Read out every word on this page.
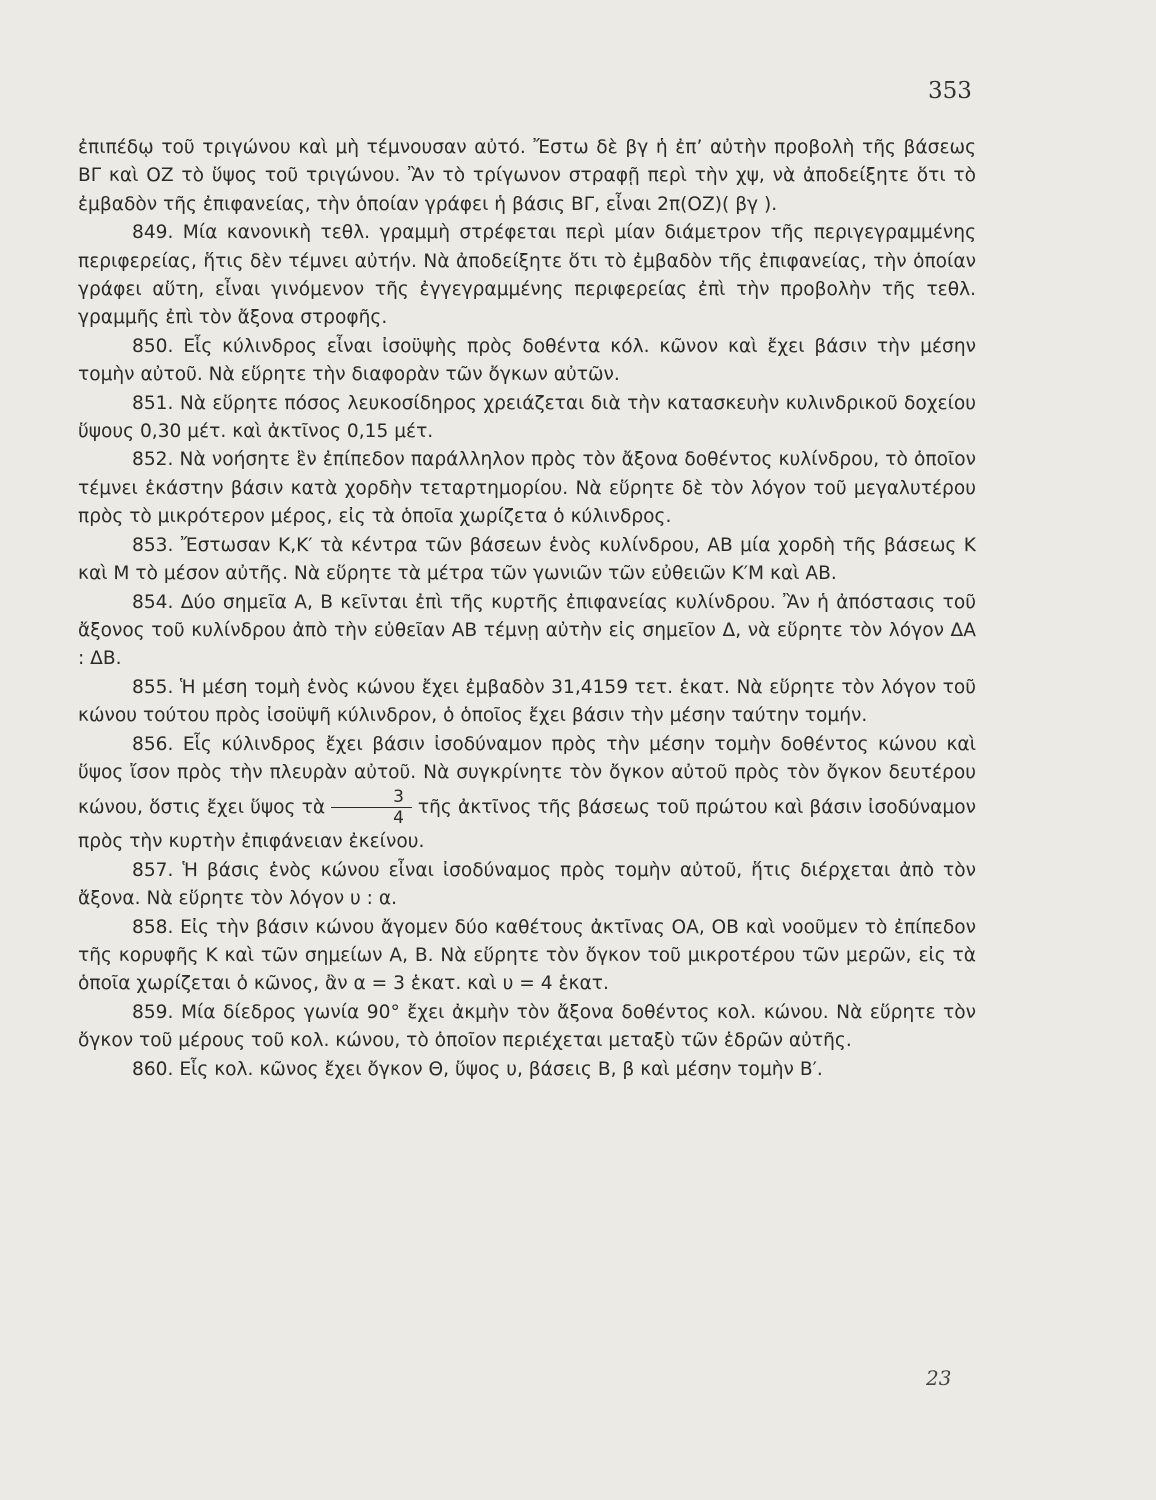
353

ἐπιπέδῳ τοῦ τριγώνου καὶ μὴ τέμνουσαν αὐτό. Ἔστω δὲ βγ ἡ ἐπ’ αὐτὴν προβολὴ τῆς βάσεως ΒΓ καὶ ΟΖ τὸ ὕψος τοῦ τριγώνου. Ἂν τὸ τρίγωνον στραφῇ περὶ τὴν χψ, νὰ ἀποδείξητε ὅτι τὸ ἐμβαδὸν τῆς ἐπιφανείας, τὴν ὁποίαν γράφει ἡ βάσις ΒΓ, εἶναι 2π(ΟΖ)( βγ ).

849. Μία κανονικὴ τεθλ. γραμμὴ στρέφεται περὶ μίαν διάμετρον τῆς περιγεγραμμένης περιφερείας, ἥτις δὲν τέμνει αὐτήν. Νὰ ἀποδείξητε ὅτι τὸ ἐμβαδὸν τῆς ἐπιφανείας, τὴν ὁποίαν γράφει αὕτη, εἶναι γινόμενον τῆς ἐγγεγραμμένης περιφερείας ἐπὶ τὴν προβολὴν τῆς τεθλ. γραμμῆς ἐπὶ τὸν ἄξονα στροφῆς.

850. Εἷς κύλινδρος εἶναι ἰσοϋψὴς πρὸς δοθέντα κόλ. κῶνον καὶ ἔχει βάσιν τὴν μέσην τομὴν αὐτοῦ. Νὰ εὕρητε τὴν διαφορὰν τῶν ὄγκων αὐτῶν.

851. Νὰ εὕρητε πόσος λευκοσίδηρος χρειάζεται διὰ τὴν κατασκευὴν κυλινδρικοῦ δοχείου ὕψους 0,30 μέτ. καὶ ἀκτῖνος 0,15 μέτ.

852. Νὰ νοήσητε ἓν ἐπίπεδον παράλληλον πρὸς τὸν ἄξονα δοθέντος κυλίνδρου, τὸ ὁποῖον τέμνει ἑκάστην βάσιν κατὰ χορδὴν τεταρτημορίου. Νὰ εὕρητε δὲ τὸν λόγον τοῦ μεγαλυτέρου πρὸς τὸ μικρότερον μέρος, εἰς τὰ ὁποῖα χωρίζετα ὁ κύλινδρος.

853. Ἔστωσαν Κ,Κ′ τὰ κέντρα τῶν βάσεων ἑνὸς κυλίνδρου, ΑΒ μία χορδὴ τῆς βάσεως Κ καὶ Μ τὸ μέσον αὐτῆς. Νὰ εὕρητε τὰ μέτρα τῶν γωνιῶν τῶν εὐθειῶν Κ′Μ καὶ ΑΒ.

854. Δύο σημεῖα Α, Β κεῖνται ἐπὶ τῆς κυρτῆς ἐπιφανείας κυλίνδρου. Ἂν ἡ ἀπόστασις τοῦ ἄξονος τοῦ κυλίνδρου ἀπὸ τὴν εὐθεῖαν ΑΒ τέμνῃ αὐτὴν εἰς σημεῖον Δ, νὰ εὕρητε τὸν λόγον ΔΑ : ΔΒ.

855. Ἡ μέση τομὴ ἑνὸς κώνου ἔχει ἐμβαδὸν 31,4159 τετ. ἑκατ. Νὰ εὕρητε τὸν λόγον τοῦ κώνου τούτου πρὸς ἰσοϋψῆ κύλινδρον, ὁ ὁποῖος ἔχει βάσιν τὴν μέσην ταύτην τομήν.

856. Εἷς κύλινδρος ἔχει βάσιν ἰσοδύναμον πρὸς τὴν μέσην τομὴν δοθέντος κώνου καὶ ὕψος ἴσον πρὸς τὴν πλευρὰν αὐτοῦ. Νὰ συγκρίνητε τὸν ὄγκον αὐτοῦ πρὸς τὸν ὄγκον δευτέρου κώνου, ὅστις ἔχει ὕψος τὰ $\frac{3}{4}$ τῆς ἀκτῖνος τῆς βάσεως τοῦ πρώτου καὶ βάσιν ἰσοδύναμον πρὸς τὴν κυρτὴν ἐπιφάνειαν ἐκείνου.

857. Ἡ βάσις ἑνὸς κώνου εἶναι ἰσοδύναμος πρὸς τομὴν αὐτοῦ, ἥτις διέρχεται ἀπὸ τὸν ἄξονα. Νὰ εὕρητε τὸν λόγον υ : α.

858. Εἰς τὴν βάσιν κώνου ἄγομεν δύο καθέτους ἀκτῖνας ΟΑ, ΟΒ καὶ νοοῦμεν τὸ ἐπίπεδον τῆς κορυφῆς Κ καὶ τῶν σημείων Α, Β. Νὰ εὕρητε τὸν ὄγκον τοῦ μικροτέρου τῶν μερῶν, εἰς τὰ ὁποῖα χωρίζεται ὁ κῶνος, ἂν α = 3 ἑκατ. καὶ υ = 4 ἑκατ.

859. Μία δίεδρος γωνία 90° ἔχει ἀκμὴν τὸν ἄξονα δοθέντος κολ. κώνου. Νὰ εὕρητε τὸν ὄγκον τοῦ μέρους τοῦ κολ. κώνου, τὸ ὁποῖον περιέχεται μεταξὺ τῶν ἑδρῶν αὐτῆς.

860. Εἷς κολ. κῶνος ἔχει ὄγκον Θ, ὕψος υ, βάσεις Β, β καὶ μέσην τομὴν Β′.

23
